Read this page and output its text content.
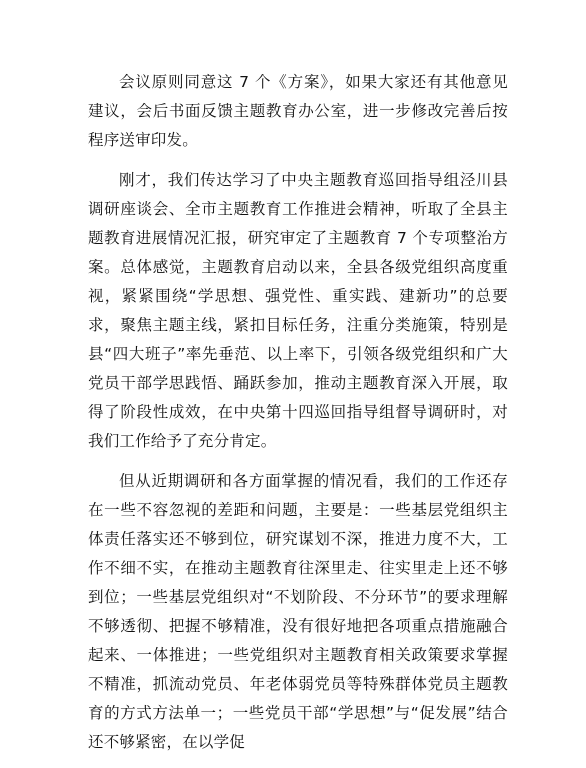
会议原则同意这 7 个《方案》，如果大家还有其他意见建议，会后书面反馈主题教育办公室，进一步修改完善后按程序送审印发。

刚才，我们传达学习了中央主题教育巡回指导组泾川县调研座谈会、全市主题教育工作推进会精神，听取了全县主题教育进展情况汇报，研究审定了主题教育 7 个专项整治方案。总体感觉，主题教育启动以来，全县各级党组织高度重视，紧紧围绕“学思想、强党性、重实践、建新功”的总要求，聚焦主题主线，紧扣目标任务，注重分类施策，特别是县“四大班子”率先垂范、以上率下，引领各级党组织和广大党员干部学思践悟、踊跃参加，推动主题教育深入开展，取得了阶段性成效，在中央第十四巡回指导组督导调研时，对我们工作给予了充分肯定。

但从近期调研和各方面掌握的情况看，我们的工作还存在一些不容忽视的差距和问题，主要是：一些基层党组织主体责任落实还不够到位，研究谋划不深，推进力度不大，工作不细不实，在推动主题教育往深里走、往实里走上还不够到位；一些基层党组织对“不划阶段、不分环节”的要求理解不够透彻、把握不够精准，没有很好地把各项重点措施融合起来、一体推进；一些党组织对主题教育相关政策要求掌握不精准，抓流动党员、年老体弱党员等特殊群体党员主题教育的方式方法单一；一些党员干部“学思想”与“促发展”结合还不够紧密，在以学促
